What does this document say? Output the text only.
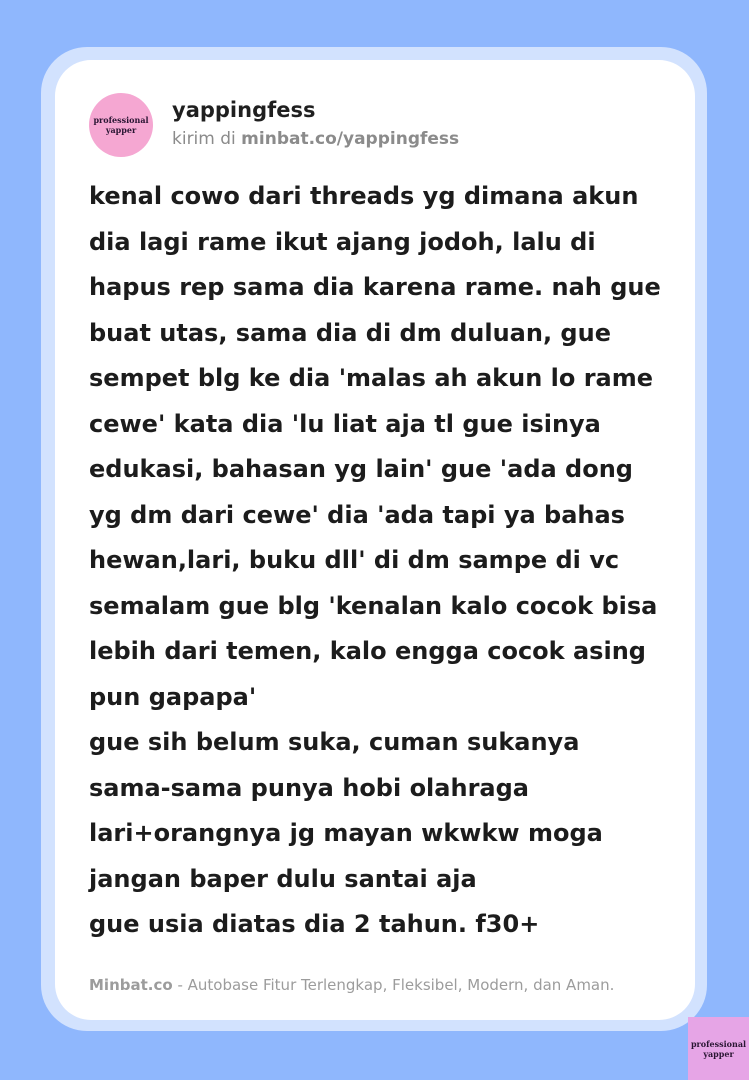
professional
yapper
yappingfess
kirim di minbat.co/yappingfess
kenal cowo dari threads yg dimana akun
dia lagi rame ikut ajang jodoh, lalu di
hapus rep sama dia karena rame. nah gue
buat utas, sama dia di dm duluan, gue
sempet blg ke dia 'malas ah akun lo rame
cewe' kata dia 'lu liat aja tl gue isinya
edukasi, bahasan yg lain' gue 'ada dong
yg dm dari cewe' dia 'ada tapi ya bahas
hewan,lari, buku dll' di dm sampe di vc
semalam gue blg 'kenalan kalo cocok bisa
lebih dari temen, kalo engga cocok asing
pun gapapa'
gue sih belum suka, cuman sukanya
sama-sama punya hobi olahraga
lari+orangnya jg mayan wkwkw moga
jangan baper dulu santai aja
gue usia diatas dia 2 tahun. f30+
Minbat.co - Autobase Fitur Terlengkap, Fleksibel, Modern, dan Aman.
professional
yapper
